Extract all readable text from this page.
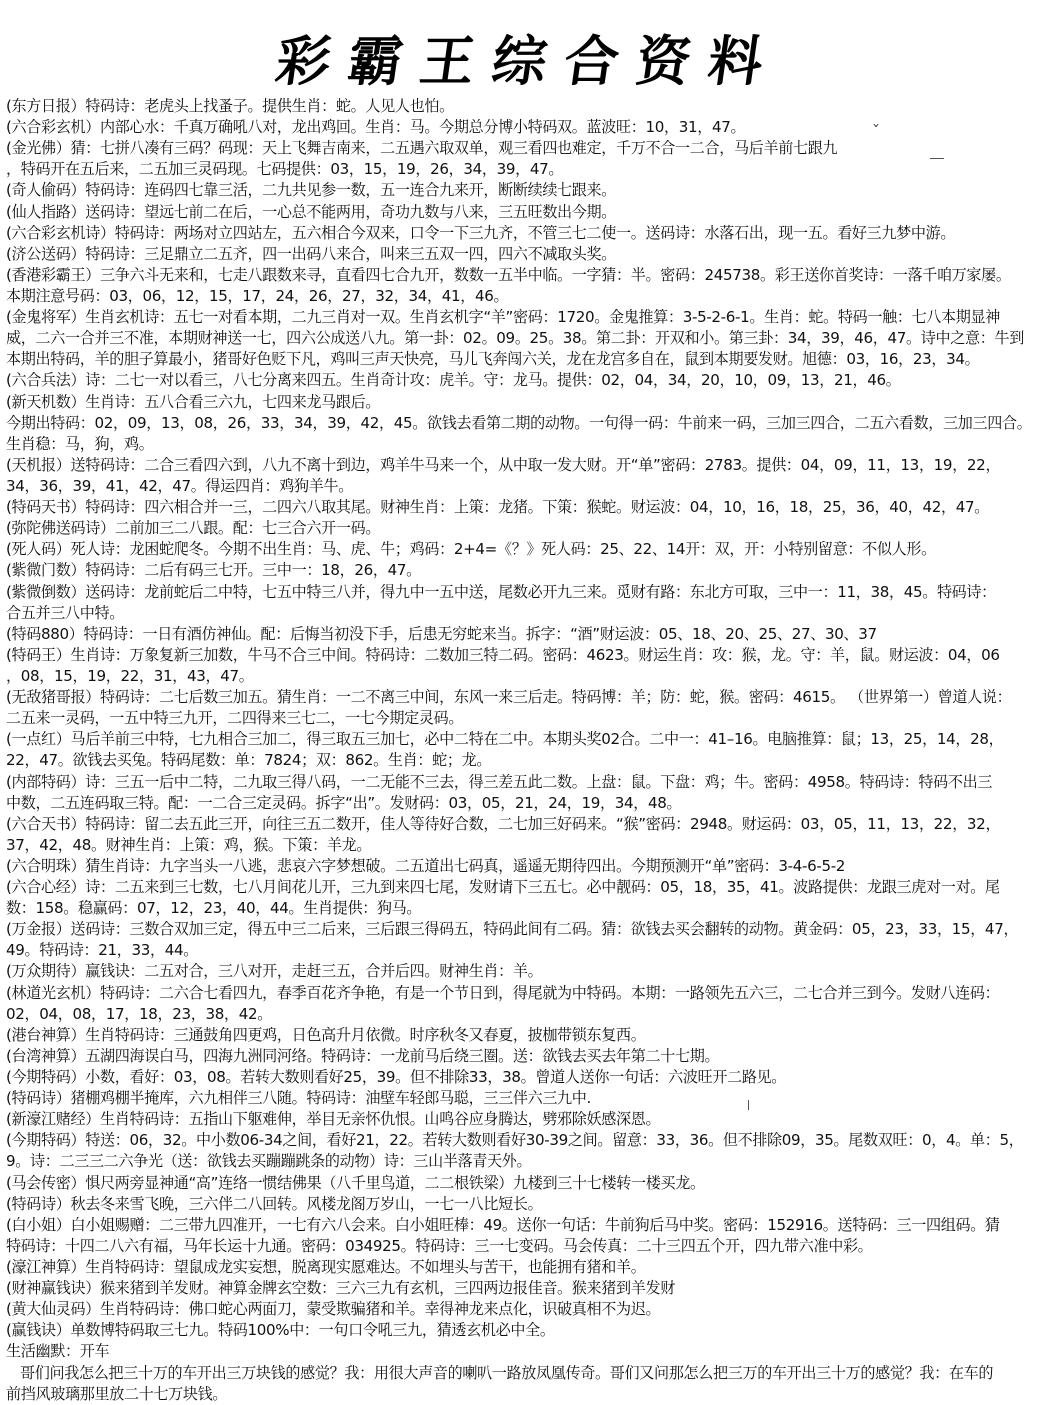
彩霸王综合资料
(东方日报）特码诗：老虎头上找蚤子。提供生肖：蛇。人见人也怕。
(六合彩玄机）内部心水：千真万确吼八对，龙出鸡回。生肖：马。今期总分博小特码双。蓝波旺：10，31，47。
(金光佛）猜：七拼八凑有三码？码现：天上飞舞吉南来，二五遇六取双单，观三看四也难定，千万不合一二合，马后羊前七跟九
，特码开在五后来，二五加三灵码现。七码提供：03，15，19，26，34，39，47。
(奇人偷码）特码诗：连码四七靠三活，二九共见参一数，五一连合九来开，断断续续七跟来。
(仙人指路）送码诗：望远七前二在后，一心总不能两用，奇功九数与八来，三五旺数出今期。
(六合彩玄机诗）特码诗：两场对立四站左，五六相合今双来，口令一下三九齐，不管三七二使一。送码诗：水落石出，现一五。看好三九梦中游。
(济公送码）特码诗：三足鼎立二五齐，四一出码八来合，叫来三五双一四，四六不减取头奖。
(香港彩霸王）三争六斗无来和，七走八跟数来寻，直看四七合九开，数数一五半中临。一字猜：半。密码：245738。彩王送你首奖诗：一落千咱万家屡。
本期注意号码：03，06，12，15，17，24，26，27，32，34，41，46。
(金鬼将军）生肖玄机诗：五七一对看本期，二九三肖对一双。生肖玄机字“羊”密码：1720。金鬼推算：3-5-2-6-1。生肖：蛇。特码一触：七八本期显神
威，二六一合并三不准，本期财神送一七，四六公成送八九。第一卦：02。09。25。38。第二卦：开双和小。第三卦：34，39，46，47。诗中之意：牛到
本期出特码，羊的胆子算最小，猪哥好色贬下凡，鸡叫三声天快亮，马儿飞奔闯六关，龙在龙宫多自在，鼠到本期要发财。旭德：03，16，23，34。
(六合兵法）诗：二七一对以看三，八七分离来四五。生肖奇计攻：虎羊。守：龙马。提供：02，04，34，20，10，09，13，21，46。
(新天机数）生肖诗：五八合看三六九，七四来龙马跟后。
今期出特码：02，09，13，08，26，33，34，39，42，45。欲钱去看第二期的动物。一句得一码：牛前来一码，三加三四合，二五六看数，三加三四合。
生肖稳：马，狗，鸡。
(天机报）送特码诗：二合三看四六到，八九不离十到边，鸡羊牛马来一个，从中取一发大财。开“单”密码：2783。提供：04，09，11，13，19，22，
34，36，39，41，42，47。得运四肖：鸡狗羊牛。
(特码天书）特码诗：四六相合并一三，二四六八取其尾。财神生肖：上策：龙猪。下策：猴蛇。财运波：04，10，16，18，25，36，40，42，47。
(弥陀佛送码诗）二前加三二八跟。配：七三合六开一码。
(死人码）死人诗：龙困蛇爬冬。今期不出生肖：马、虎、牛；鸡码：2+4=《？》死人码：25、22、14开：双，开：小特别留意：不似人形。
(紫微门数）特码诗：二后有码三七开。三中一：18，26，47。
(紫微倒数）送码诗：龙前蛇后二中特，七五中特三八并，得九中一五中送，尾数必开九三来。觅财有路：东北方可取，三中一：11，38，45。特码诗：
合五并三八中特。
(特码880）特码诗：一日有酒仿神仙。配：后悔当初没下手，后患无穷蛇来当。拆字：“酒”财运波：05、18、20、25、27、30、37
(特码王）生肖诗：万象复新三加数，牛马不合三中间。特码诗：二数加三特二码。密码：4623。财运生肖：攻：猴，龙。守：羊，鼠。财运波：04，06
，08，15，19，22，31，43，47。
(无敌猪哥报）特码诗：二七后数三加五。猜生肖：一二不离三中间，东风一来三后走。特码博：羊；防：蛇，猴。密码：4615。 （世界第一）曾道人说：
二五来一灵码，一五中特三九开，二四得来三七二，一七今期定灵码。
(一点红）马后羊前三中特，七九相合三加二，得三取五三加七，必中二特在二中。本期头奖02合。二中一：41–16。电脑推算：鼠；13，25，14，28，
22，47。欲钱去买兔。特码尾数：单：7824；双：862。生肖：蛇；龙。
(内部特码）诗：三五一后中二特，二九取三得八码，一二无能不三去，得三差五此二数。上盘：鼠。下盘：鸡；牛。密码：4958。特码诗：特码不出三
中数，二五连码取三特。配：一二合三定灵码。拆字“出”。发财码：03，05，21，24，19，34，48。
(六合天书）特码诗：留二去五此三开，向往三五二数开，佳人等待好合数，二七加三好码来。“猴”密码：2948。财运码：03，05，11，13，22，32，
37，42，48。财神生肖：上策：鸡，猴。下策：羊龙。
(六合明珠）猜生肖诗：九字当头一八逃，悲哀六字梦想破。二五道出七码真，遥遥无期待四出。今期预测开“单”密码：3-4-6-5-2
(六合心经）诗：二五来到三七数，七八月间花儿开，三九到来四七尾，发财请下三五七。必中靓码：05，18，35，41。波路提供：龙跟三虎对一对。尾
数：158。稳赢码：07，12，23，40，44。生肖提供：狗马。
(万金报）送码诗：三数合双加三定，得五中三二后来，三后跟三得码五，特码此间有二码。猜：欲钱去买会翻转的动物。黄金码：05，23，33，15，47，
49。特码诗：21，33，44。
(万众期待）赢钱诀：二五对合，三八对开，走赶三五，合并后四。财神生肖：羊。
(林道光玄机）特码诗：二六合七看四九，春季百花齐争艳，有是一个节日到，得尾就为中特码。本期：一路领先五六三，二七合并三到今。发财八连码：
02，04，08，17，18，23，38，42。
(港台神算）生肖特码诗：三通鼓角四更鸡，日色高升月依微。时序秋冬又春夏，披枷带锁东复西。
(台湾神算）五湖四海误白马，四海九洲同河络。特码诗：一龙前马后绕三圈。送：欲钱去买去年第二十七期。
(今期特码）小数，看好：03，08。若转大数则看好25，39。但不排除33，38。曾道人送你一句话：六波旺开二路见。
(特码诗）猪棚鸡棚半掩库，六九相伴三八随。特码诗：油壁车轻郎马聪，三三伴六三九中.
(新濠江赌经）生肖特码诗：五指山下躯难伸，举目无亲怀仇恨。山鸣谷应身腾达，劈邪除妖感深恩。
(今期特码）特送：06，32。中小数06-34之间，看好21，22。若转大数则看好30-39之间。留意：33，36。但不排除09，35。尾数双旺：0，4。单：5，
9。诗：二三三二六争光（送：欲钱去买蹦蹦跳条的动物）诗：三山半落青天外。
(马会传密）惧尺两旁显神通“高”连络一惯结佛果（八千里鸟道，二二根铁梁）九楼到三十七楼转一楼买龙。
(特码诗）秋去冬来雪飞晚，三六伴二八回转。风楼龙阁万岁山，一七一八比短长。
(白小姐）白小姐赐赠：二三带九四准开，一七有六八会来。白小姐旺棒：49。送你一句话：牛前狗后马中奖。密码：152916。送特码：三一四组码。猜
特码诗：十四二八六有福，马年长运十九通。密码：034925。特码诗：三一七变码。马会传真：二十三四五个开，四九带六准中彩。
(濠江神算）生肖特码诗：望鼠成龙实妄想，脱离现实愿难达。不如埋头与苦干，也能拥有猪和羊。
(财神赢钱诀）猴来猪到羊发财。神算金牌玄空数：三六三九有玄机，三四两边报佳音。猴来猪到羊发财
(黄大仙灵码）生肖特码诗：佛口蛇心两面刀，蒙受欺骗猪和羊。幸得神龙来点化，识破真相不为迟。
(赢钱诀）单数博特码取三七九。特码100%中：一句口令吼三九，猜透玄机必中全。
生活幽默：开车
哥们问我怎么把三十万的车开出三万块钱的感觉？我：用很大声音的喇叭一路放凤凰传奇。哥们又问那怎么把三万的车开出三十万的感觉？我：在车的
前挡风玻璃那里放二十七万块钱。
ˇ
